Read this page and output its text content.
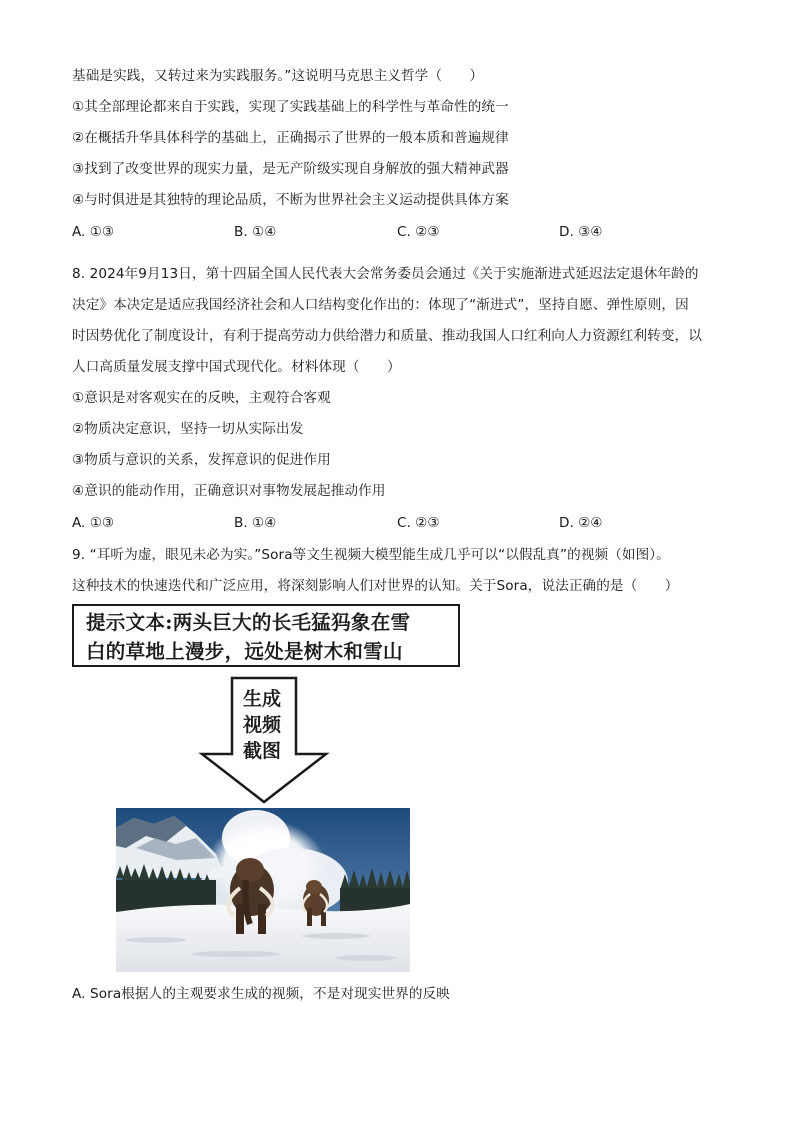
基础是实践，又转过来为实践服务。”这说明马克思主义哲学（　　）
①其全部理论都来自于实践，实现了实践基础上的科学性与革命性的统一
②在概括升华具体科学的基础上，正确揭示了世界的一般本质和普遍规律
③找到了改变世界的现实力量，是无产阶级实现自身解放的强大精神武器
④与时俱进是其独特的理论品质，不断为世界社会主义运动提供具体方案
A. ①③	B. ①④	C. ②③	D. ③④
8. 2024年9月13日，第十四届全国人民代表大会常务委员会通过《关于实施渐进式延迟法定退休年龄的
决定》本决定是适应我国经济社会和人口结构变化作出的：体现了“渐进式”，坚持自愿、弹性原则，因
时因势优化了制度设计，有利于提高劳动力供给潜力和质量、推动我国人口红利向人力资源红利转变，以
人口高质量发展支撑中国式现代化。材料体现（　　）
①意识是对客观实在的反映，主观符合客观
②物质决定意识，坚持一切从实际出发
③物质与意识的关系，发挥意识的促进作用
④意识的能动作用，正确意识对事物发展起推动作用
A. ①③	B. ①④	C. ②③	D. ②④
9. “耳听为虚，眼见未必为实。”Sora等文生视频大模型能生成几乎可以“以假乱真”的视频（如图）。
这种技术的快速迭代和广泛应用，将深刻影响人们对世界的认知。关于Sora，说法正确的是（　　）
提示文本:两头巨大的长毛猛犸象在雪
白的草地上漫步，远处是树木和雪山
生成
视频
截图
A. Sora根据人的主观要求生成的视频，不是对现实世界的反映
